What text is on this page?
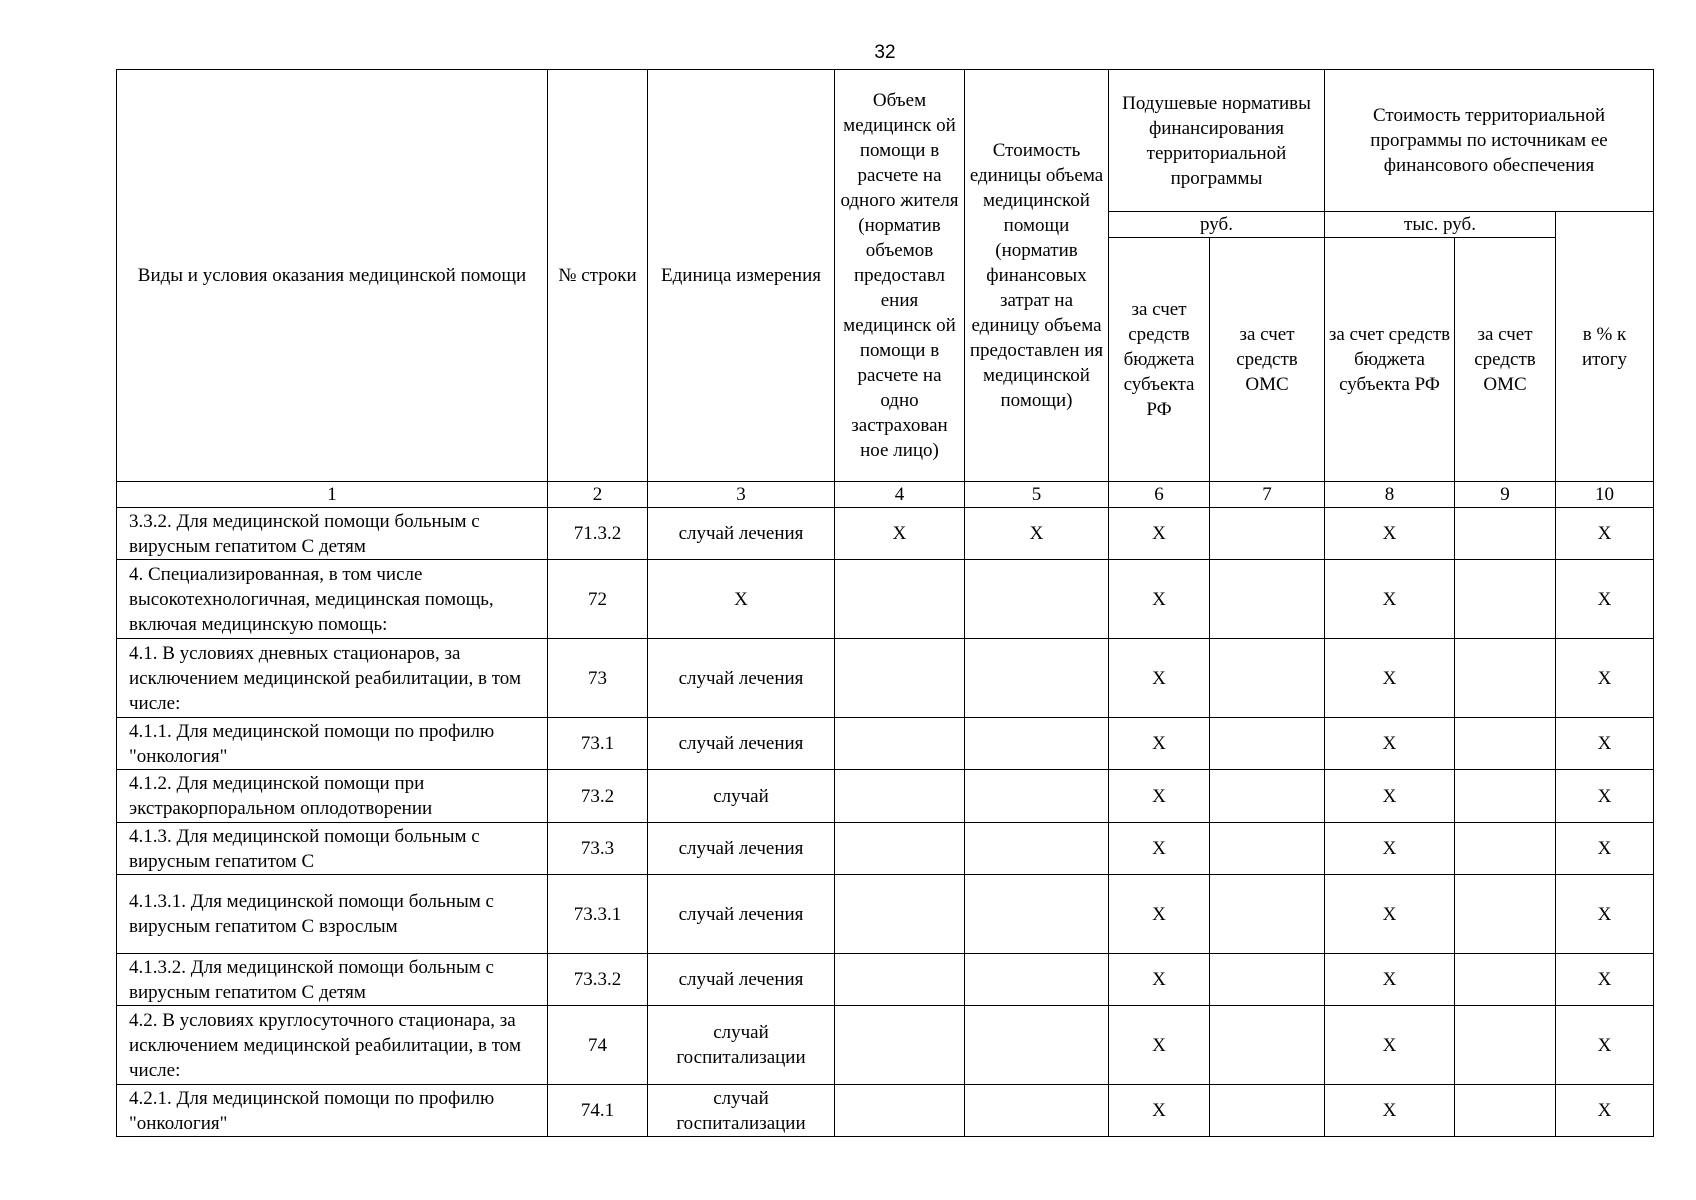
32
Виды и условия оказания медицинской помощи	№ строки	Единица измерения	Объем медицинск ой помощи в расчете на одного жителя (норматив объемов предоставл ения медицинск ой помощи в расчете на одно застрахован ное лицо)	Стоимость единицы объема медицинской помощи (норматив финансовых затрат на единицу объема предоставлен ия медицинской помощи)	Подушевые нормативы финансирования территориальной программы		Стоимость территориальной программы по источникам ее финансового обеспечения		
					руб.		тыс. руб.		в % к итогу
					за счет средств бюджета субъекта РФ	за счет средств ОМС	за счет средств бюджета субъекта РФ	за счет средств ОМС	
1	2	3	4	5	6	7	8	9	10
3.3.2. Для медицинской помощи больным с вирусным гепатитом С детям	71.3.2	случай лечения	X	X	X		X		X
4. Специализированная, в том числе высокотехнологичная, медицинская помощь, включая медицинскую помощь:	72	X			X		X		X
4.1. В условиях дневных стационаров, за исключением медицинской реабилитации, в том числе:	73	случай лечения			X		X		X
4.1.1. Для медицинской помощи по профилю "онкология"	73.1	случай лечения			X		X		X
4.1.2. Для медицинской помощи при экстракорпоральном оплодотворении	73.2	случай			X		X		X
4.1.3. Для медицинской помощи больным с вирусным гепатитом С	73.3	случай лечения			X		X		X
4.1.3.1. Для медицинской помощи больным с вирусным гепатитом С взрослым	73.3.1	случай лечения			X		X		X
4.1.3.2. Для медицинской помощи больным с вирусным гепатитом С детям	73.3.2	случай лечения			X		X		X
4.2. В условиях круглосуточного стационара, за исключением медицинской реабилитации, в том числе:	74	случай госпитализации			X		X		X
4.2.1. Для медицинской помощи по профилю "онкология"	74.1	случай госпитализации			X		X		X
